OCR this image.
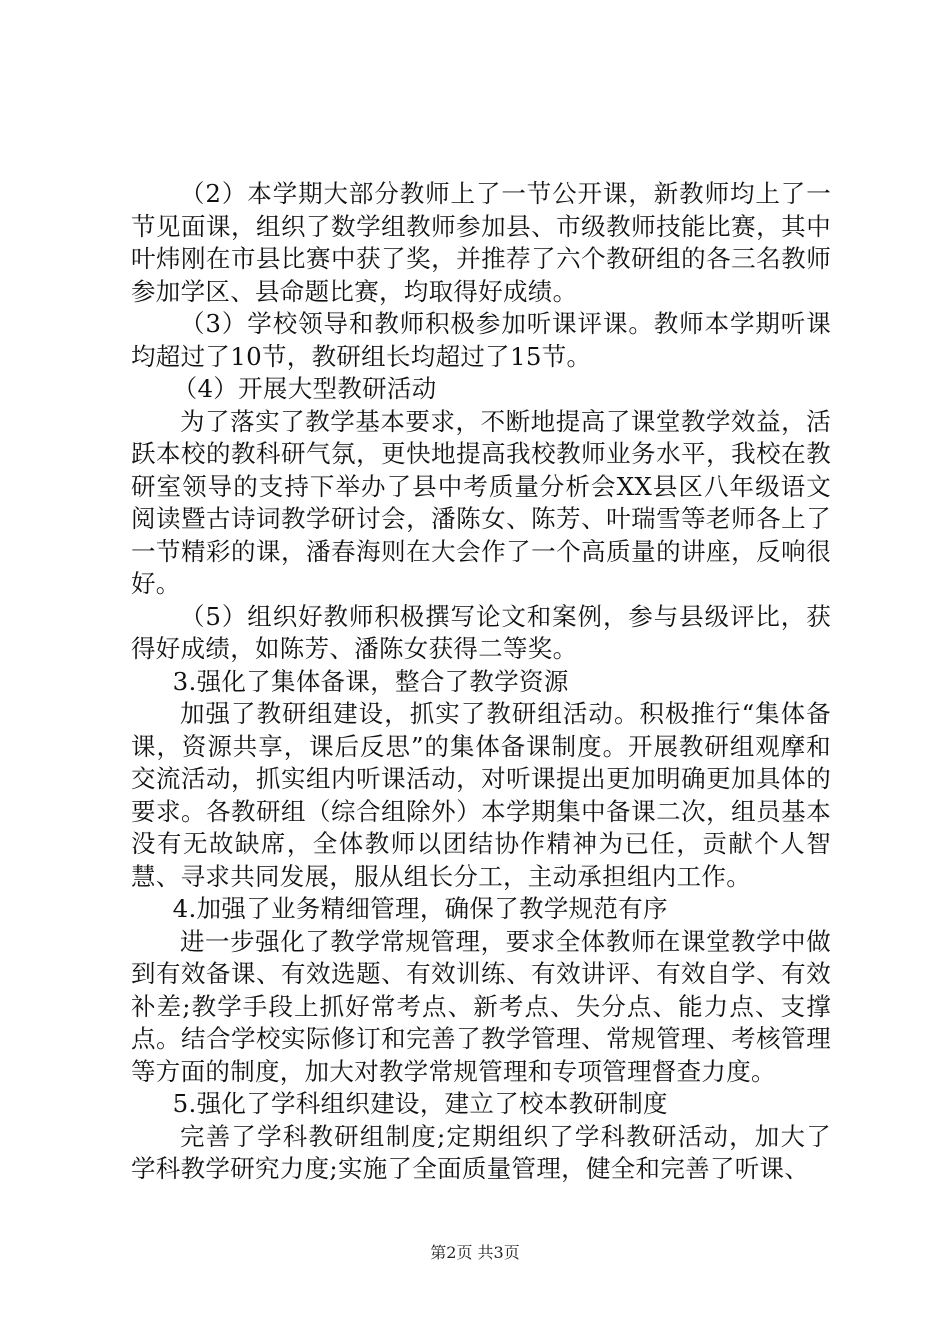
（2）本学期大部分教师上了一节公开课，新教师均上了一节见面课，组织了数学组教师参加县、市级教师技能比赛，其中叶炜刚在市县比赛中获了奖，并推荐了六个教研组的各三名教师参加学区、县命题比赛，均取得好成绩。

（3）学校领导和教师积极参加听课评课。教师本学期听课均超过了10节，教研组长均超过了15节。

（4）开展大型教研活动

为了落实了教学基本要求，不断地提高了课堂教学效益，活跃本校的教科研气氛，更快地提高我校教师业务水平，我校在教研室领导的支持下举办了县中考质量分析会XX县区八年级语文阅读暨古诗词教学研讨会，潘陈女、陈芳、叶瑞雪等老师各上了一节精彩的课，潘春海则在大会作了一个高质量的讲座，反响很好。

（5）组织好教师积极撰写论文和案例，参与县级评比，获得好成绩，如陈芳、潘陈女获得二等奖。

3.强化了集体备课，整合了教学资源

加强了教研组建设，抓实了教研组活动。积极推行“集体备课，资源共享，课后反思”的集体备课制度。开展教研组观摩和交流活动，抓实组内听课活动，对听课提出更加明确更加具体的要求。各教研组（综合组除外）本学期集中备课二次，组员基本没有无故缺席，全体教师以团结协作精神为已任，贡献个人智慧、寻求共同发展，服从组长分工，主动承担组内工作。

4.加强了业务精细管理，确保了教学规范有序

进一步强化了教学常规管理，要求全体教师在课堂教学中做到有效备课、有效选题、有效训练、有效讲评、有效自学、有效补差;教学手段上抓好常考点、新考点、失分点、能力点、支撑点。结合学校实际修订和完善了教学管理、常规管理、考核管理等方面的制度，加大对教学常规管理和专项管理督查力度。

5.强化了学科组织建设，建立了校本教研制度

完善了学科教研组制度;定期组织了学科教研活动，加大了学科教学研究力度;实施了全面质量管理，健全和完善了听课、

第2页 共3页
